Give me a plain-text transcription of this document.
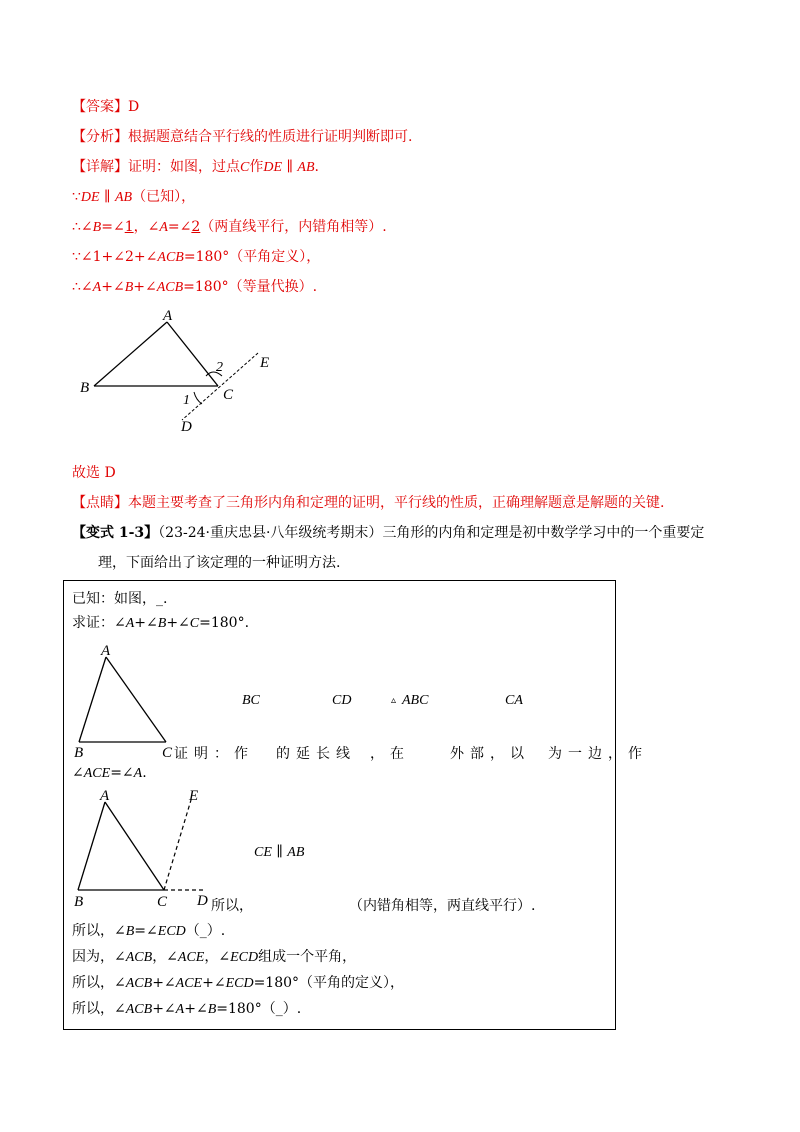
【答案】D
【分析】根据题意结合平行线的性质进行证明判断即可.
【详解】证明：如图，过点C作DE ∥ AB.
∵DE ∥ AB（已知），
∴∠B=∠1，∠A=∠2（两直线平行，内错角相等）.
∵∠1+∠2+∠ACB=180°（平角定义），
∴∠A+∠B+∠ACB=180°（等量代换）.
A
B	C
D
E
1
2
故选 D
【点睛】本题主要考查了三角形内角和定理的证明，平行线的性质，正确理解题意是解题的关键.
【变式 1-3】（23-24·重庆忠县·八年级统考期末）三角形的内角和定理是初中数学学习中的一个重要定
理，下面给出了该定理的一种证明方法.
已知：如图，_.
求证：∠A+∠B+∠C=180°.
A
B	C
BC	CD	▵ ABC	CA
证明：作 的延长线 ，在	外部，以 为一边，作
∠ACE=∠A.
A
B	C D
E
CE ∥ AB
所以，	（内错角相等，两直线平行）.
所以，∠B=∠ECD（_）.
因为，∠ACB，∠ACE，∠ECD组成一个平角，
所以，∠ACB+∠ACE+∠ECD=180°（平角的定义），
所以，∠ACB+∠A+∠B=180°（_）.
